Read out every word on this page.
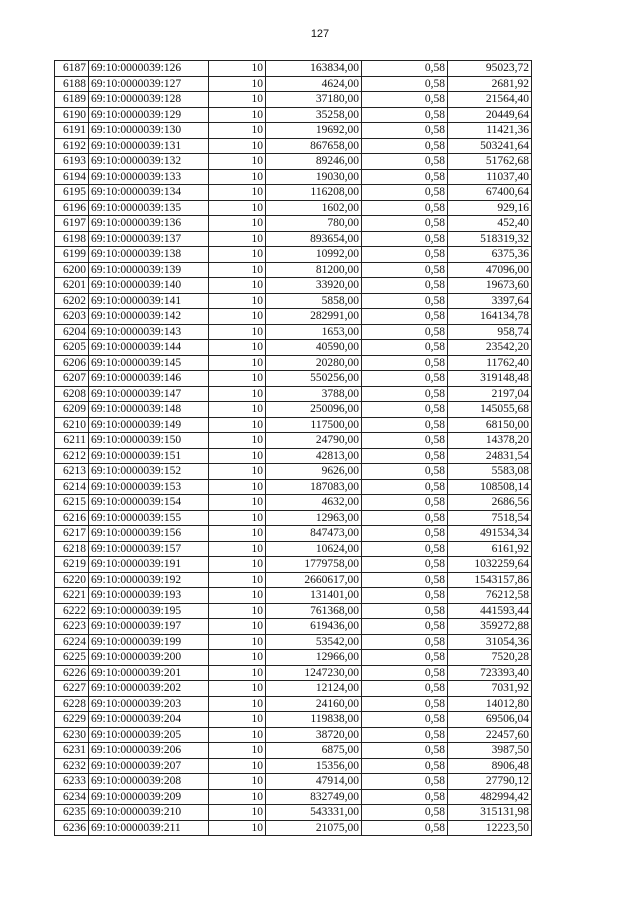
127
6187	69:10:0000039:126	10	163834,00	0,58	95023,72
6188	69:10:0000039:127	10	4624,00	0,58	2681,92
6189	69:10:0000039:128	10	37180,00	0,58	21564,40
6190	69:10:0000039:129	10	35258,00	0,58	20449,64
6191	69:10:0000039:130	10	19692,00	0,58	11421,36
6192	69:10:0000039:131	10	867658,00	0,58	503241,64
6193	69:10:0000039:132	10	89246,00	0,58	51762,68
6194	69:10:0000039:133	10	19030,00	0,58	11037,40
6195	69:10:0000039:134	10	116208,00	0,58	67400,64
6196	69:10:0000039:135	10	1602,00	0,58	929,16
6197	69:10:0000039:136	10	780,00	0,58	452,40
6198	69:10:0000039:137	10	893654,00	0,58	518319,32
6199	69:10:0000039:138	10	10992,00	0,58	6375,36
6200	69:10:0000039:139	10	81200,00	0,58	47096,00
6201	69:10:0000039:140	10	33920,00	0,58	19673,60
6202	69:10:0000039:141	10	5858,00	0,58	3397,64
6203	69:10:0000039:142	10	282991,00	0,58	164134,78
6204	69:10:0000039:143	10	1653,00	0,58	958,74
6205	69:10:0000039:144	10	40590,00	0,58	23542,20
6206	69:10:0000039:145	10	20280,00	0,58	11762,40
6207	69:10:0000039:146	10	550256,00	0,58	319148,48
6208	69:10:0000039:147	10	3788,00	0,58	2197,04
6209	69:10:0000039:148	10	250096,00	0,58	145055,68
6210	69:10:0000039:149	10	117500,00	0,58	68150,00
6211	69:10:0000039:150	10	24790,00	0,58	14378,20
6212	69:10:0000039:151	10	42813,00	0,58	24831,54
6213	69:10:0000039:152	10	9626,00	0,58	5583,08
6214	69:10:0000039:153	10	187083,00	0,58	108508,14
6215	69:10:0000039:154	10	4632,00	0,58	2686,56
6216	69:10:0000039:155	10	12963,00	0,58	7518,54
6217	69:10:0000039:156	10	847473,00	0,58	491534,34
6218	69:10:0000039:157	10	10624,00	0,58	6161,92
6219	69:10:0000039:191	10	1779758,00	0,58	1032259,64
6220	69:10:0000039:192	10	2660617,00	0,58	1543157,86
6221	69:10:0000039:193	10	131401,00	0,58	76212,58
6222	69:10:0000039:195	10	761368,00	0,58	441593,44
6223	69:10:0000039:197	10	619436,00	0,58	359272,88
6224	69:10:0000039:199	10	53542,00	0,58	31054,36
6225	69:10:0000039:200	10	12966,00	0,58	7520,28
6226	69:10:0000039:201	10	1247230,00	0,58	723393,40
6227	69:10:0000039:202	10	12124,00	0,58	7031,92
6228	69:10:0000039:203	10	24160,00	0,58	14012,80
6229	69:10:0000039:204	10	119838,00	0,58	69506,04
6230	69:10:0000039:205	10	38720,00	0,58	22457,60
6231	69:10:0000039:206	10	6875,00	0,58	3987,50
6232	69:10:0000039:207	10	15356,00	0,58	8906,48
6233	69:10:0000039:208	10	47914,00	0,58	27790,12
6234	69:10:0000039:209	10	832749,00	0,58	482994,42
6235	69:10:0000039:210	10	543331,00	0,58	315131,98
6236	69:10:0000039:211	10	21075,00	0,58	12223,50
